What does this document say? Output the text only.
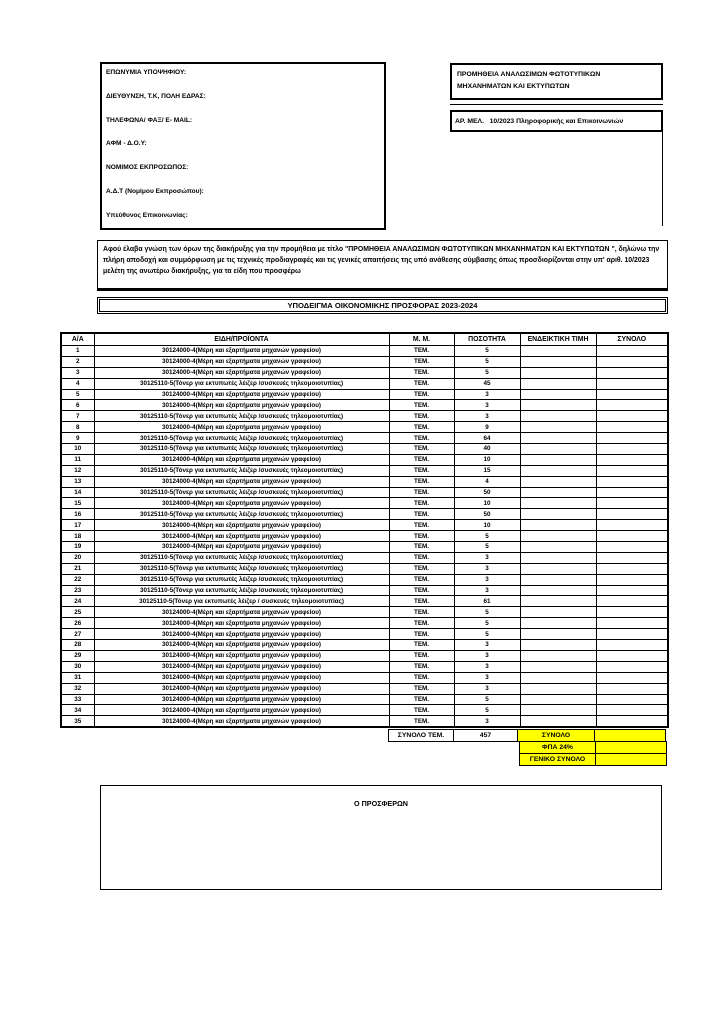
ΕΠΩΝΥΜΙΑ ΥΠΟΨΗΦΙΟΥ:
ΔΙΕΥΘΥΝΣΗ, Τ.Κ, ΠΟΛΗ ΕΔΡΑΣ:
ΤΗΛΕΦΩΝΑ/ ΦΑΞ/ E- MAIL:
ΑΦΜ - Δ.Ο.Υ:
ΝΟΜΙΜΟΣ ΕΚΠΡΟΣΩΠΟΣ:
Α.Δ.Τ (Νομίμου Εκπροσώπου):
Υπεύθυνος Επικοινωνίας:
ΠΡΟΜΗΘΕΙΑ ΑΝΑΛΩΣΙΜΩΝ ΦΩΤΟΤΥΠΙΚΩΝ ΜΗΧΑΝΗΜΑΤΩΝ ΚΑΙ ΕΚΤΥΠΩΤΩΝ
ΑΡ. ΜΕΛ.   10/2023 Πληροφορικής και Επικοινωνιών
Αφού έλαβα γνώση των όρων της διακήρυξης για την προμήθεια με τίτλο "ΠΡΟΜΗΘΕΙΑ ΑΝΑΛΩΣΙΜΩΝ ΦΩΤΟΤΥΠΙΚΩΝ ΜΗΧΑΝΗΜΑΤΩΝ ΚΑΙ ΕΚΤΥΠΩΤΩΝ ", δηλώνω την πλήρη αποδοχή και συμμόρφωση με τις τεχνικές προδιαγραφές και τις γενικές απαιτήσεις της υπό ανάθεσης σύμβασης όπως προσδιορίζονται στην υπ' αριθ. 10/2023 μελέτη της ανωτέρω διακήρυξης, για τα είδη που προσφέρω
ΥΠΟΔΕΙΓΜΑ ΟΙΚΟΝΟΜΙΚΗΣ ΠΡΟΣΦΟΡΑΣ 2023-2024
Α/Α	ΕΙΔΗ/ΠΡΟΪΟΝΤΑ	Μ. Μ.	ΠΟΣΟΤΗΤΑ	ΕΝΔΕΙΚΤΙΚΗ ΤΙΜΗ	ΣΥΝΟΛΟ
1	30124000-4(Μέρη και εξαρτήματα μηχανών γραφείου)	ΤΕΜ.	5		
2	30124000-4(Μέρη και εξαρτήματα μηχανών γραφείου)	ΤΕΜ.	5		
3	30124000-4(Μέρη και εξαρτήματα μηχανών γραφείου)	ΤΕΜ.	5		
4	30125110-5(Τόνερ για εκτυπωτές λέιζερ /συσκευές τηλεομοιοτυπίας)	ΤΕΜ.	45		
5	30124000-4(Μέρη και εξαρτήματα μηχανών γραφείου)	ΤΕΜ.	3		
6	30124000-4(Μέρη και εξαρτήματα μηχανών γραφείου)	ΤΕΜ.	3		
7	30125110-5(Τόνερ για εκτυπωτές λέιζερ /συσκευές τηλεομοιοτυπίας)	ΤΕΜ.	3		
8	30124000-4(Μέρη και εξαρτήματα μηχανών γραφείου)	ΤΕΜ.	9		
9	30125110-5(Τόνερ για εκτυπωτές λέιζερ /συσκευές τηλεομοιοτυπίας)	ΤΕΜ.	64		
10	30125110-5(Τόνερ για εκτυπωτές λέιζερ /συσκευές τηλεομοιοτυπίας)	ΤΕΜ.	40		
11	30124000-4(Μέρη και εξαρτήματα μηχανών γραφείου)	ΤΕΜ.	10		
12	30125110-5(Τόνερ για εκτυπωτές λέιζερ /συσκευές τηλεομοιοτυπίας)	ΤΕΜ.	15		
13	30124000-4(Μέρη και εξαρτήματα μηχανών γραφείου)	ΤΕΜ.	4		
14	30125110-5(Τόνερ για εκτυπωτές λέιζερ /συσκευές τηλεομοιοτυπίας)	ΤΕΜ.	50		
15	30124000-4(Μέρη και εξαρτήματα μηχανών γραφείου)	ΤΕΜ.	10		
16	30125110-5(Τόνερ για εκτυπωτές λέιζερ /συσκευές τηλεομοιοτυπίας)	ΤΕΜ.	50		
17	30124000-4(Μέρη και εξαρτήματα μηχανών γραφείου)	ΤΕΜ.	10		
18	30124000-4(Μέρη και εξαρτήματα μηχανών γραφείου)	ΤΕΜ.	5		
19	30124000-4(Μέρη και εξαρτήματα μηχανών γραφείου)	ΤΕΜ.	5		
20	30125110-5(Τόνερ για εκτυπωτές λέιζερ /συσκευές τηλεομοιοτυπίας)	ΤΕΜ.	3		
21	30125110-5(Τόνερ για εκτυπωτές λέιζερ /συσκευές τηλεομοιοτυπίας)	ΤΕΜ.	3		
22	30125110-5(Τόνερ για εκτυπωτές λέιζερ /συσκευές τηλεομοιοτυπίας)	ΤΕΜ.	3		
23	30125110-5(Τόνερ για εκτυπωτές λέιζερ /συσκευές τηλεομοιοτυπίας)	ΤΕΜ.	3		
24	30125110-5(Τόνερ για εκτυπωτές λέιζερ / συσκευές τηλεομοιοτυπίας)	ΤΕΜ.	61		
25	30124000-4(Μέρη και εξαρτήματα μηχανών γραφείου)	ΤΕΜ.	5		
26	30124000-4(Μέρη και εξαρτήματα μηχανών γραφείου)	ΤΕΜ.	5		
27	30124000-4(Μέρη και εξαρτήματα μηχανών γραφείου)	ΤΕΜ.	5		
28	30124000-4(Μέρη και εξαρτήματα μηχανών γραφείου)	ΤΕΜ.	3		
29	30124000-4(Μέρη και εξαρτήματα μηχανών γραφείου)	ΤΕΜ.	3		
30	30124000-4(Μέρη και εξαρτήματα μηχανών γραφείου)	ΤΕΜ.	3		
31	30124000-4(Μέρη και εξαρτήματα μηχανών γραφείου)	ΤΕΜ.	3		
32	30124000-4(Μέρη και εξαρτήματα μηχανών γραφείου)	ΤΕΜ.	3		
33	30124000-4(Μέρη και εξαρτήματα μηχανών γραφείου)	ΤΕΜ.	5		
34	30124000-4(Μέρη και εξαρτήματα μηχανών γραφείου)	ΤΕΜ.	5		
35	30124000-4(Μέρη και εξαρτήματα μηχανών γραφείου)	ΤΕΜ.	3		
ΣΥΝΟΛΟ ΤΕΜ.	457	ΣΥΝΟΛΟ
ΦΠΑ 24%
ΓΕΝΙΚΟ ΣΥΝΟΛΟ
Ο ΠΡΟΣΦΕΡΩΝ
